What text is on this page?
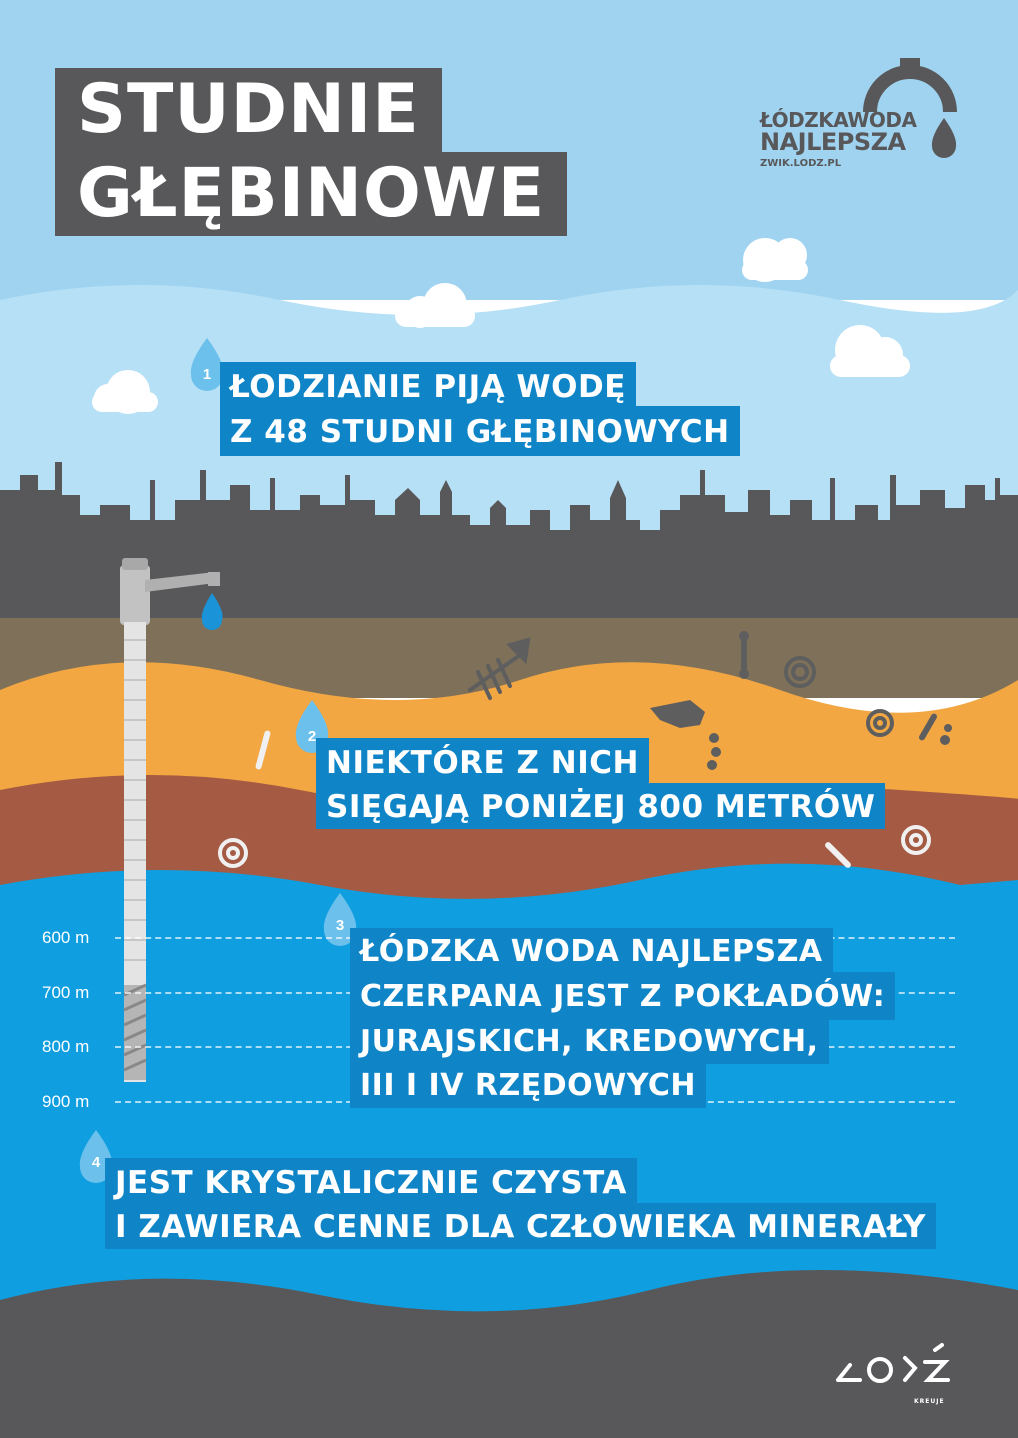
STUDNIE
GŁĘBINOWE
ŁÓDZKAWODA
NAJLEPSZA
ZWIK.LODZ.PL
1 ŁODZIANIE PIJĄ WODĘ
Z 48 STUDNI GŁĘBINOWYCH
NIEKTÓRE Z NICH
SIĘGAJĄ PONIŻEJ 800 METRÓW
2
600 m
700 m
800 m
900 m
3
ŁÓDZKA WODA NAJLEPSZA
CZERPANA JEST Z POKŁADÓW:
JURAJSKICH, KREDOWYCH,
III I IV RZĘDOWYCH
4
JEST KRYSTALICZNIE CZYSTA
I ZAWIERA CENNE DLA CZŁOWIEKA MINERAŁY
KREUJE
